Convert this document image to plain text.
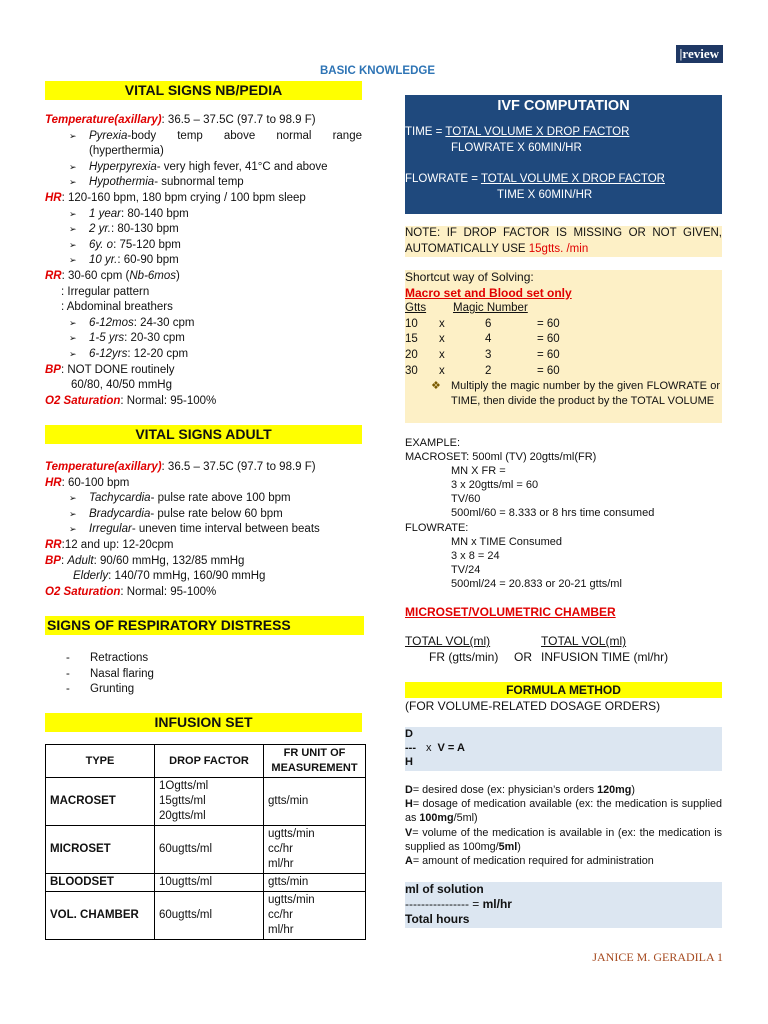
|review
BASIC KNOWLEDGE
VITAL SIGNS NB/PEDIA
Temperature(axillary): 36.5 – 37.5C (97.7 to 98.9 F)
➢	Pyrexia-body temp above normal range (hyperthermia)
➢	Hyperpyrexia- very high fever, 41°C and above
➢	Hypothermia- subnormal temp
HR: 120-160 bpm, 180 bpm crying / 100 bpm sleep
➢ 1 year: 80-140 bpm
➢ 2 yr.: 80-130 bpm
➢ 6y. o: 75-120 bpm
➢ 10 yr.: 60-90 bpm
RR: 30-60 cpm (Nb-6mos)
: Irregular pattern
: Abdominal breathers
➢ 6-12mos: 24-30 cpm
➢ 1-5 yrs: 20-30 cpm
➢ 6-12yrs: 12-20 cpm
BP: NOT DONE routinely
60/80, 40/50 mmHg
O2 Saturation: Normal: 95-100%
VITAL SIGNS ADULT
Temperature(axillary): 36.5 – 37.5C (97.7 to 98.9 F)
HR: 60-100 bpm
➢ Tachycardia- pulse rate above 100 bpm
➢ Bradycardia- pulse rate below 60 bpm
➢ Irregular- uneven time interval between beats
RR:12 and up: 12-20cpm
BP: Adult: 90/60 mmHg, 132/85 mmHg
Elderly: 140/70 mmHg, 160/90 mmHg
O2 Saturation: Normal: 95-100%
SIGNS OF RESPIRATORY DISTRESS
- Retractions
- Nasal flaring
- Grunting
INFUSION SET
TYPE	DROP FACTOR	FR UNIT OF MEASUREMENT
MACROSET	1Ogtts/ml
15gtts/ml
20gtts/ml	gtts/min

MICROSET	60ugtts/ml	ugtts/min
cc/hr
ml/hr

BLOODSET	10ugtts/ml	gtts/min

VOL. CHAMBER	60ugtts/ml	ugtts/min
cc/hr
ml/hr
IVF COMPUTATION
TIME = TOTAL VOLUME X DROP FACTOR
FLOWRATE X 60MIN/HR
FLOWRATE = TOTAL VOLUME X DROP FACTOR
TIME X 60MIN/HR
NOTE: IF DROP FACTOR IS MISSING OR NOT GIVEN, AUTOMATICALLY USE 15gtts. /min
Shortcut way of Solving:
Macro set and Blood set only
Gtts Magic Number
10 x	6	= 60
15 x	4	= 60
20 x	3	= 60
30 x	2	= 60
❖ Multiply the magic number by the given FLOWRATE or TIME, then divide the product by the TOTAL VOLUME
EXAMPLE:
MACROSET: 500ml (TV) 20gtts/ml(FR)
MN X FR =
3 x 20gtts/ml = 60
TV/60
500ml/60 = 8.333 or 8 hrs time consumed
FLOWRATE:
MN x TIME Consumed
3 x 8 = 24
TV/24
500ml/24 = 20.833 or 20-21 gtts/ml
MICROSET/VOLUMETRIC CHAMBER
TOTAL VOL(ml)	TOTAL VOL(ml)
FR (gtts/min) OR INFUSION TIME (ml/hr)
FORMULA METHOD
(FOR VOLUME-RELATED DOSAGE ORDERS)
D
--- x V = A
H
D= desired dose (ex: physician’s orders 120mg)
H= dosage of medication available (ex: the medication is supplied as 100mg/5ml)
V= volume of the medication is available in (ex: the medication is supplied as 100mg/5ml)
A= amount of medication required for administration
ml of solution
---------------- = ml/hr
Total hours
JANICE M. GERADILA 1
